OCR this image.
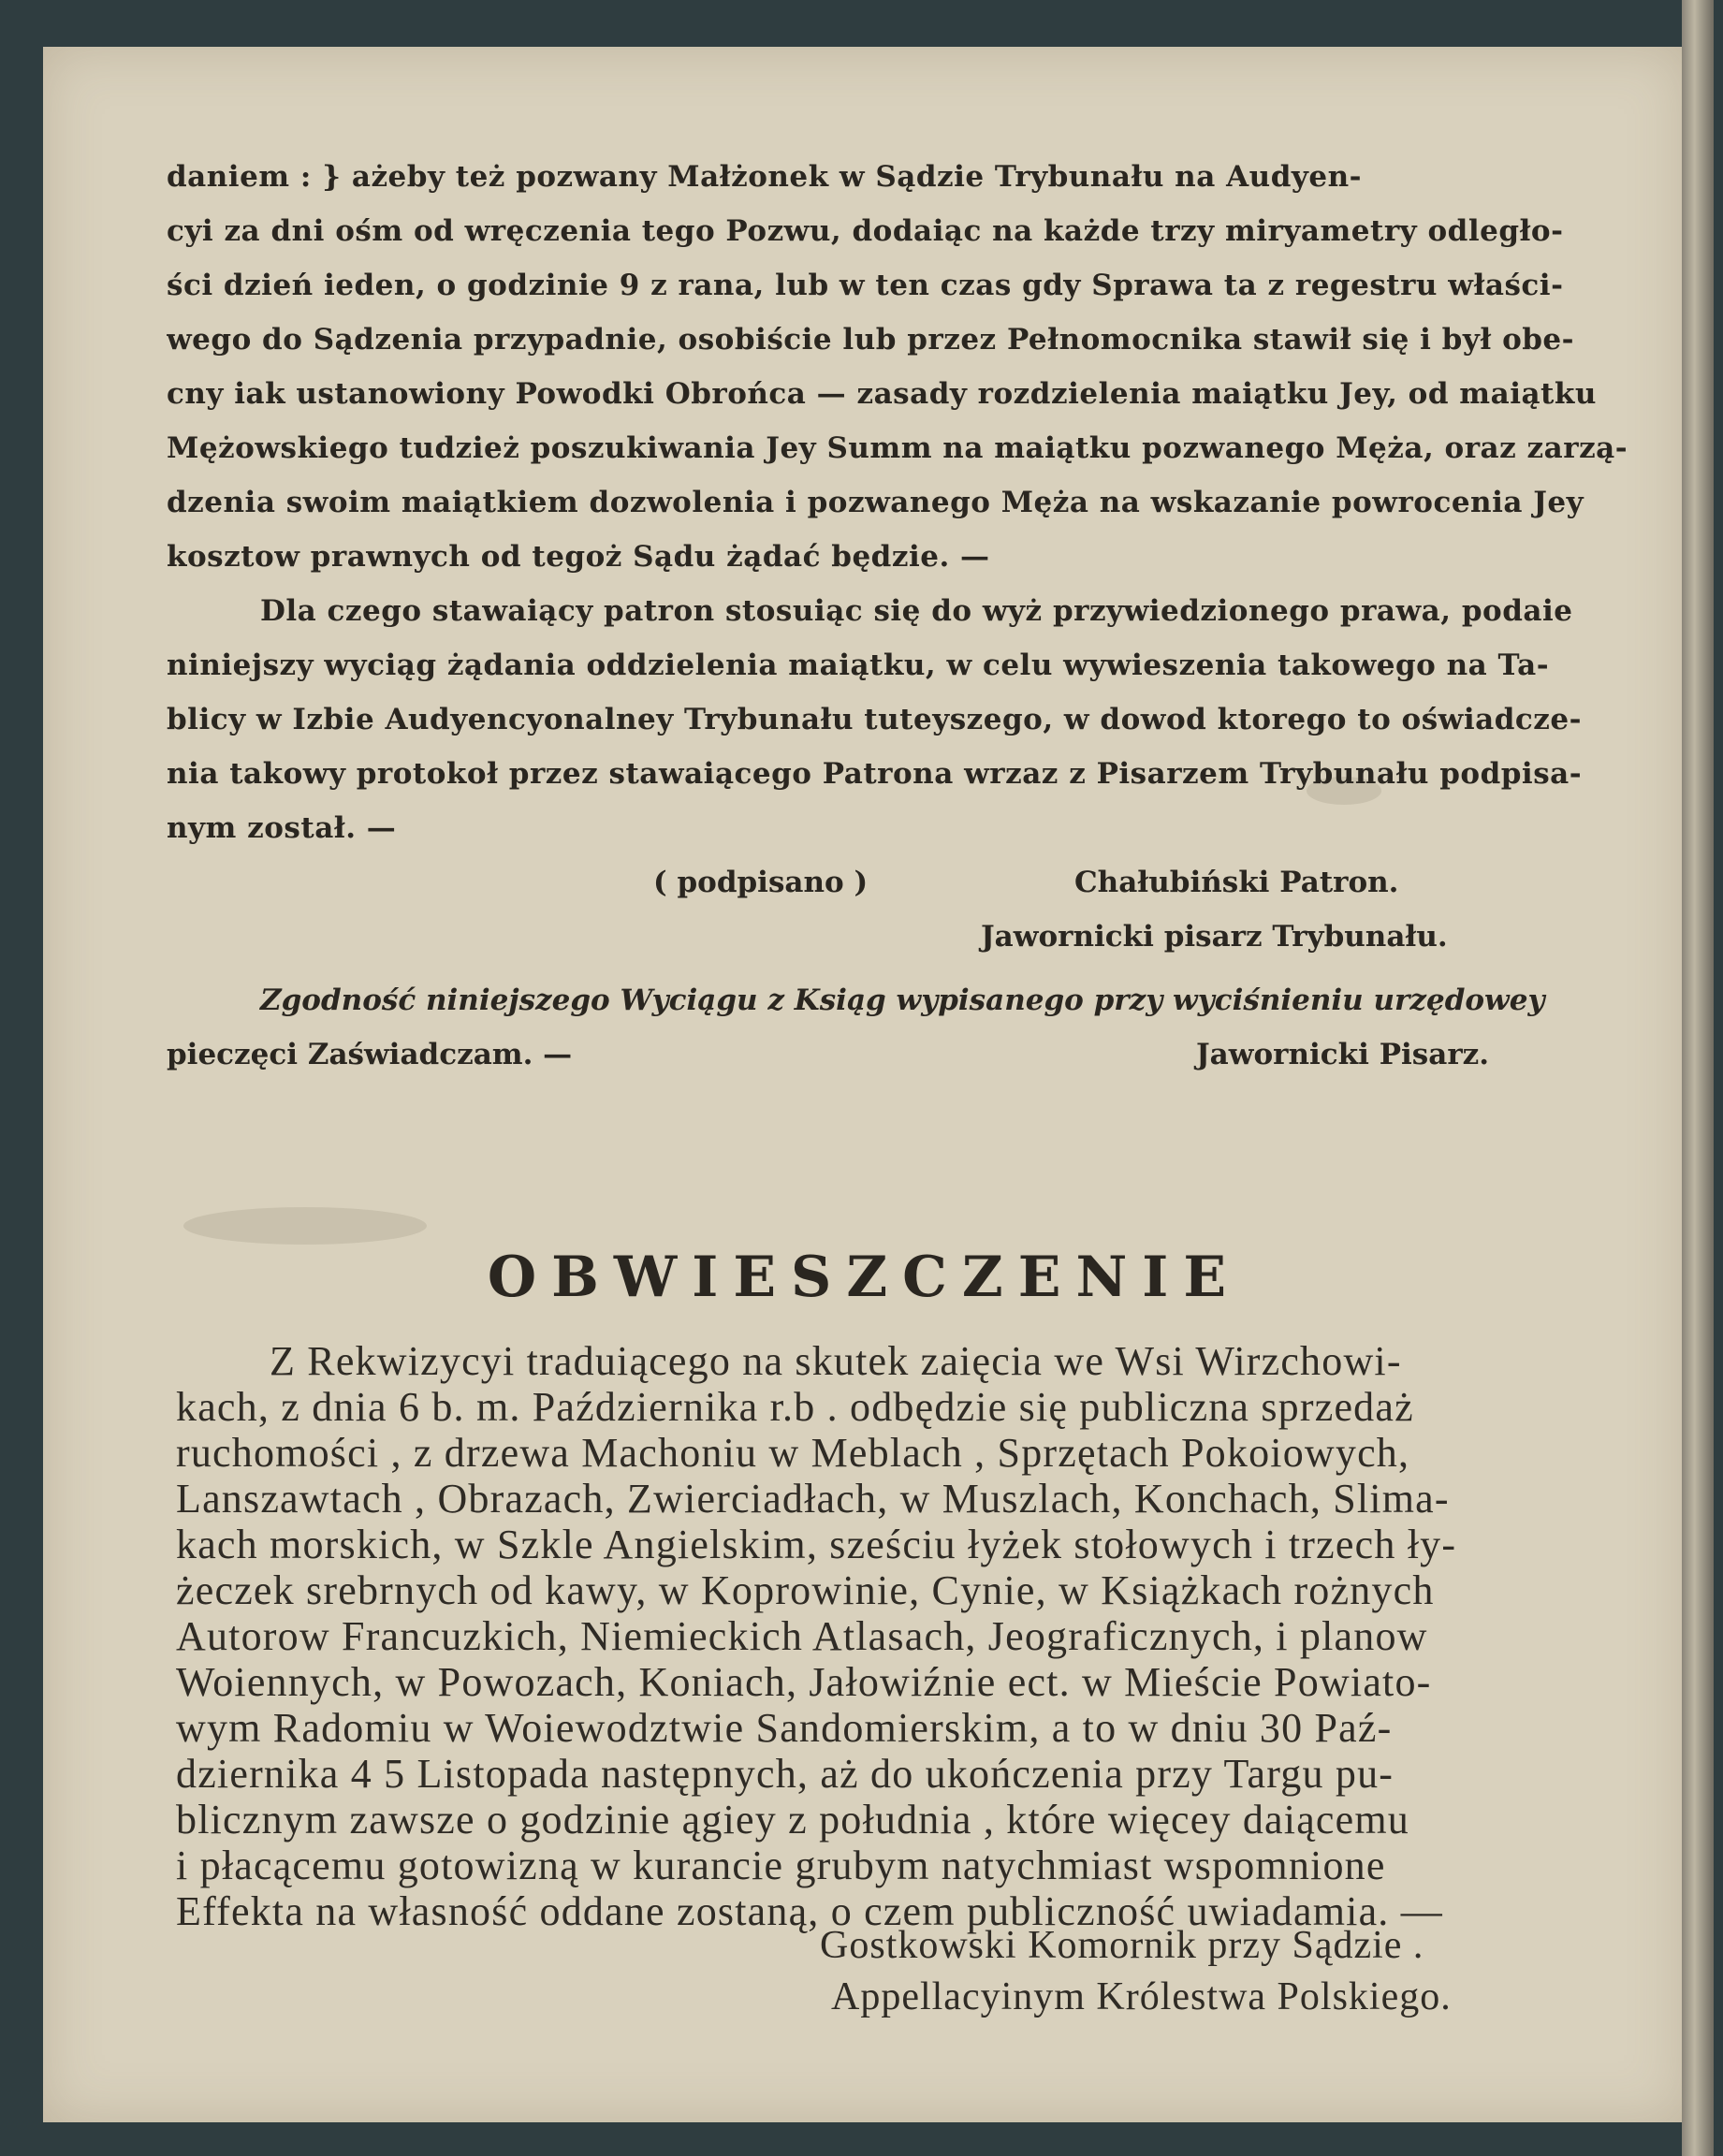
daniem : } ażeby też pozwany Małżonek w Sądzie Trybunału na Audyen-
cyi za dni ośm od wręczenia tego Pozwu, dodaiąc na każde trzy miryametry odległo-
ści dzień ieden, o godzinie 9 z rana, lub w ten czas gdy Sprawa ta z regestru właści-
wego do Sądzenia przypadnie, osobiście lub przez Pełnomocnika stawił się i był obe-
cny iak ustanowiony Powodki Obrońca — zasady rozdzielenia maiątku Jey, od maiątku
Mężowskiego tudzież poszukiwania Jey Summ na maiątku pozwanego Męża, oraz zarzą-
dzenia swoim maiątkiem dozwolenia i pozwanego Męża na wskazanie powrocenia Jey
kosztow prawnych od tegoż Sądu żądać będzie. —
Dla czego stawaiący patron stosuiąc się do wyż przywiedzionego prawa, podaie
niniejszy wyciąg żądania oddzielenia maiątku, w celu wywieszenia takowego na Ta-
blicy w Izbie Audyencyonalney Trybunału tuteyszego, w dowod ktorego to oświadcze-
nia takowy protokoł przez stawaiącego Patrona wrzaz z Pisarzem Trybunału podpisa-
nym został. —
( podpisano )	Chałubiński Patron.
Jawornicki pisarz Trybunału.
Zgodność niniejszego Wyciągu z Ksiąg wypisanego przy wyciśnieniu urzędowey
pieczęci Zaświadczam. —	Jawornicki Pisarz.
OBWIESZCZENIE
Z Rekwizycyi traduiącego na skutek zaięcia we Wsi Wirzchowi-
kach, z dnia 6 b. m. Października r.b . odbędzie się publiczna sprzedaż
ruchomości , z drzewa Machoniu w Meblach , Sprzętach Pokoiowych,
Lanszawtach , Obrazach, Zwierciadłach, w Muszlach, Konchach, Slima-
kach morskich, w Szkle Angielskim, sześciu łyżek stołowych i trzech ły-
żeczek srebrnych od kawy, w Koprowinie, Cynie, w Książkach rożnych
Autorow Francuzkich, Niemieckich Atlasach, Jeograficznych, i planow
Woiennych, w Powozach, Koniach, Jałowiźnie ect. w Mieście Powiato-
wym Radomiu w Woiewodztwie Sandomierskim, a to w dniu 30 Paź-
dziernika 4 5 Listopada następnych, aż do ukończenia przy Targu pu-
blicznym zawsze o godzinie ągiey z południa , które więcey daiącemu
i płacącemu gotowizną w kurancie grubym natychmiast wspomnione
Effekta na własność oddane zostaną, o czem publiczność uwiadamia. —
Gostkowski Komornik przy Sądzie .
Appellacyinym Królestwa Polskiego.
